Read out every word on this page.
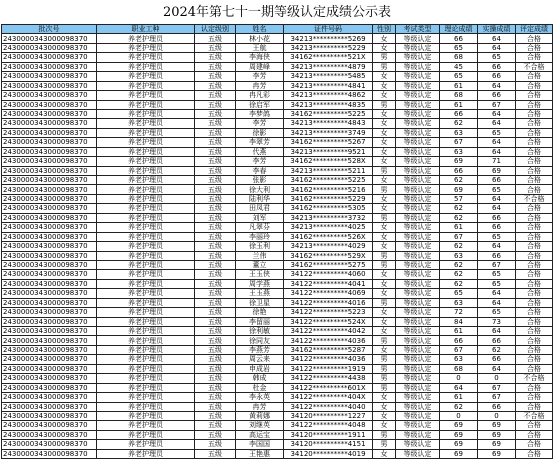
2024年第七十一期等级认定成绩公示表
批次号	职业工种	认定级别	姓名	证件号码	性别	考试类型	理论成绩	实操成绩	评定成绩
24300003430000983​70	养老护理员	五级	林小花	34213**********5269	女	等级认定	66	64	合格
24300003430000983​70	养老护理员	五级	王航	34213**********5229	女	等级认定	65	64	合格
24300003430000983​70	养老护理员	五级	李海侠	34162**********521X	男	等级认定	68	65	合格
24300003430000983​70	养老护理员	五级	周建峰	34213**********4879	男	等级认定	45	66	不合格
24300003430000983​70	养老护理员	五级	李芳	34213**********5485	女	等级认定	65	66	合格
24300003430000983​70	养老护理员	五级	冉芳	34213**********4841	女	等级认定	61	64	合格
24300003430000983​70	养老护理员	五级	冉凡彩	34213**********4862	女	等级认定	68	66	合格
24300003430000983​70	养老护理员	五级	徐启军	34213**********4835	男	等级认定	61	67	合格
24300003430000983​70	养老护理员	五级	李梦鸽	34162**********5225	女	等级认定	66	64	合格
24300003430000983​70	养老护理员	五级	李芳	34213**********4843	女	等级认定	62	64	合格
24300003430000983​70	养老护理员	五级	徐影	34213**********3749	女	等级认定	63	65	合格
24300003430000983​70	养老护理员	五级	李翠芳	34162**********5267	女	等级认定	67	64	合格
24300003430000983​70	养老护理员	五级	代燕	34213**********9521	女	等级认定	63	64	合格
24300003430000983​70	养老护理员	五级	李芳	34162**********528X	女	等级认定	69	71	合格
24300003430000983​70	养老护理员	五级	李春	34213**********5211	男	等级认定	66	69	合格
24300003430000983​70	养老护理员	五级	张影	34162**********5225	女	等级认定	62	66	合格
24300003430000983​70	养老护理员	五级	徐大利	34162**********5216	男	等级认定	69	65	合格
24300003430000983​70	养老护理员	五级	陆利华	34162**********5229	女	等级认定	57	64	不合格
24300003430000983​70	养老护理员	五级	田凤君	34162**********5305	女	等级认定	62	64	合格
24300003430000983​70	养老护理员	五级	刘军	34213**********3732	男	等级认定	62	66	合格
24300003430000983​70	养老护理员	五级	凡翠芬	34213**********4025	女	等级认定	61	66	合格
24300003430000983​70	养老护理员	五级	李丽玲	34162**********526X	女	等级认定	67	65	合格
24300003430000983​70	养老护理员	五级	徐玉利	34213**********4029	女	等级认定	62	64	合格
24300003430000983​70	养老护理员	五级	兰伟	34162**********529X	男	等级认定	63	66	合格
24300003430000983​70	养老护理员	五级	董立	34162**********5275	男	等级认定	62	67	合格
24300003430000983​70	养老护理员	五级	王玉侠	34122**********4060	女	等级认定	62	65	合格
24300003430000983​70	养老护理员	五级	周学燕	34122**********4041	女	等级认定	62	65	合格
24300003430000983​70	养老护理员	五级	王玉燕	34122**********4069	女	等级认定	65	64	合格
24300003430000983​70	养老护理员	五级	徐卫星	34122**********4016	男	等级认定	63	64	合格
24300003430000983​70	养老护理员	五级	徐艳	34122**********5223	女	等级认定	72	65	合格
24300003430000983​70	养老护理员	五级	李留丽	34122**********524X	女	等级认定	84	73	合格
24300003430000983​70	养老护理员	五级	徐利敏	34122**********4042	女	等级认定	61	64	合格
24300003430000983​70	养老护理员	五级	徐同友	34122**********4036	男	等级认定	66	66	合格
24300003430000983​70	养老护理员	五级	李燕芳	34162**********5287	女	等级认定	67	62	合格
24300003430000983​70	养老护理员	五级	周云来	34122**********4036	男	等级认定	63	66	合格
24300003430000983​70	养老护理员	五级	申成岩	34122**********1919	男	等级认定	68	64	合格
24300003430000983​70	养老护理员	五级	韩成	34122**********4438	男	等级认定	0	0	不合格
24300003430000983​70	养老护理员	五级	杜金	34122**********601X	男	等级认定	64	67	合格
24300003430000983​70	养老护理员	五级	李永英	34122**********404X	女	等级认定	61	67	合格
24300003430000983​70	养老护理员	五级	冉芳	34122**********4040	女	等级认定	62	66	合格
24300003430000983​70	养老护理员	五级	黄莉娜	34120**********1227	女	等级认定	0	0	不合格
24300003430000983​70	养老护理员	五级	刘继英	34122**********4048	女	等级认定	69	69	合格
24300003430000983​70	养老护理员	五级	高运宝	34120**********1911	男	等级认定	69	69	合格
24300003430000983​70	养老护理员	五级	李国国	34120**********4151	男	等级认定	69	69	合格
24300003430000983​70	养老护理员	五级	王艳惠	34120**********4019	女	等级认定	69	69	合格
